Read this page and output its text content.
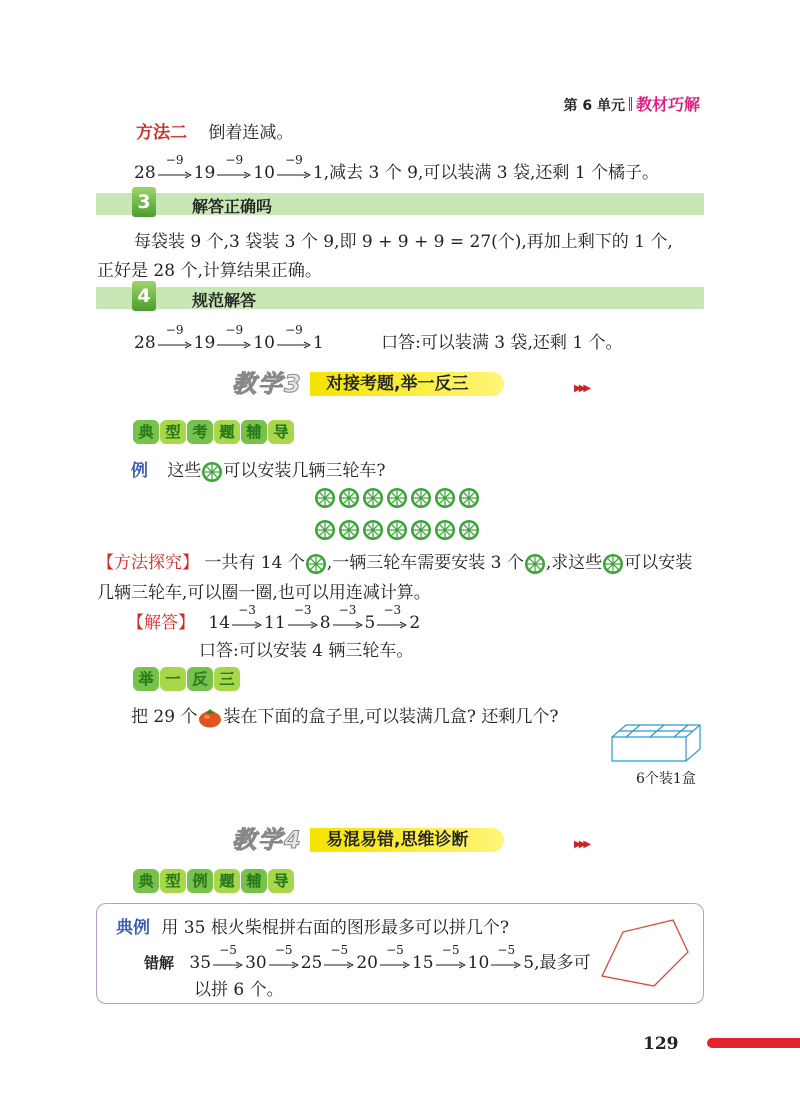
第 6 单元 教材巧解
方法二 倒着连减。
28
−9
19
−9
10
−9
1,减去 3 个 9,可以装满 3 袋,还剩 1 个橘子。
3	解答正确吗
每袋装 9 个,3 袋装 3 个 9,即 9 + 9 + 9 = 27(个),再加上剩下的 1 个,
正好是 28 个,计算结果正确。
4	规范解答
28
−9
19
−9
10
−9
1	口答:可以装满 3 袋,还剩 1 个。
教学3	对接考题,举一反三	▶▶▶
典 型 考 题 辅 导
例 这些 可以安装几辆三轮车?

【方法探究】 一共有 14 个 ,一辆三轮车需要安装 3 个 ,求这些 可以安装
几辆三轮车,可以圈一圈,也可以用连减计算。
【解答】 14
−3
11
−3
8
−3
5
−3
2
口答:可以安装 4 辆三轮车。
举 一 反 三
把 29 个 装在下面的盒子里,可以装满几盒? 还剩几个?
6个装1盒
教学4	易混易错,思维诊断	▶▶▶
典 型 例 题 辅 导
典例 用 35 根火柴棍拼右面的图形最多可以拼几个?
错解 35
−5
30
−5
25
−5
20
−5
15
−5
10
−5
5,最多可
以拼 6 个。
129
